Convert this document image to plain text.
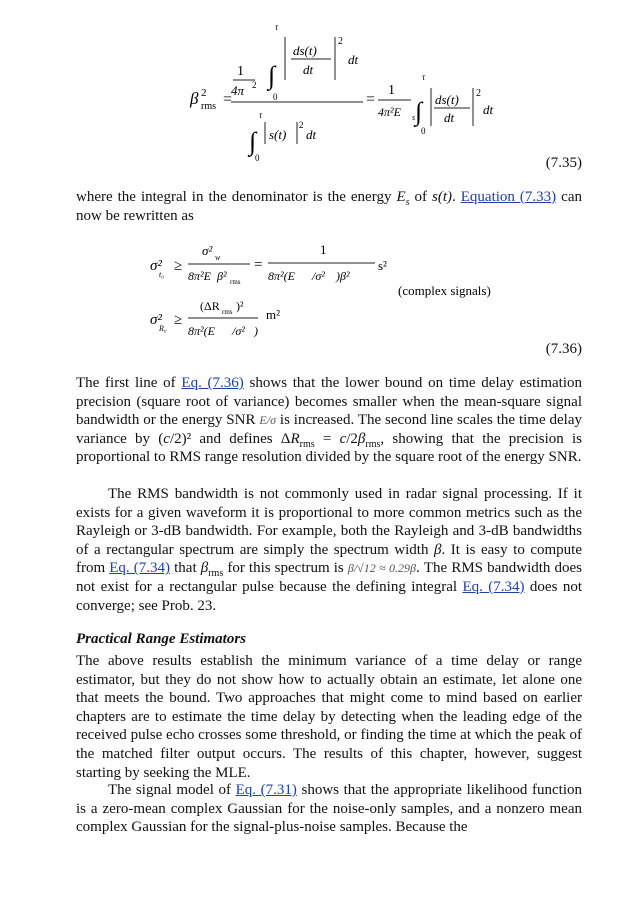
β 2
rms =
1
4π 2
τ
∫
0
ds(t)
dt
2
dt
τ
∫
0
s(t)
2
dt
=
1
4π²E s
τ
∫
0
ds(t)
dt
2
dt
(7.35)
where the integral in the denominator is the energy $E_s$ of s(t). Equation (7.33) can now be rewritten as
σ²
t₀
≥
σ² w
8π²E β² rms
=
1
8π²(E /σ² )β²
s²
(complex signals)
σ²
R₀
≥
(ΔR rms )²
8π²(E /σ² )
m²
(7.36)
The first line of Eq. (7.36) shows that the lower bound on time delay estimation precision (square root of variance) becomes smaller when the mean-square signal bandwidth or the energy SNR E/σ is increased. The second line scales the time delay variance by (c/2)² and defines $\Delta R_{rms} = c/2\beta_{rms}$, showing that the precision is proportional to RMS range resolution divided by the square root of the energy SNR.
The RMS bandwidth is not commonly used in radar signal processing. If it exists for a given waveform it is proportional to more common metrics such as the Rayleigh or 3-dB bandwidth. For example, both the Rayleigh and 3-dB bandwidths of a rectangular spectrum are simply the spectrum width β. It is easy to compute from Eq. (7.34) that $\beta_{rms}$ for this spectrum is β/√12 ≈ 0.29β. The RMS bandwidth does not exist for a rectangular pulse because the defining integral Eq. (7.34) does not converge; see Prob. 23.
Practical Range Estimators
The above results establish the minimum variance of a time delay or range estimator, but they do not show how to actually obtain an estimate, let alone one that meets the bound. Two approaches that might come to mind based on earlier chapters are to estimate the time delay by detecting when the leading edge of the received pulse echo crosses some threshold, or finding the time at which the peak of the matched filter output occurs. The results of this chapter, however, suggest starting by seeking the MLE.
The signal model of Eq. (7.31) shows that the appropriate likelihood function is a zero-mean complex Gaussian for the noise-only samples, and a nonzero mean complex Gaussian for the signal-plus-noise samples. Because the
